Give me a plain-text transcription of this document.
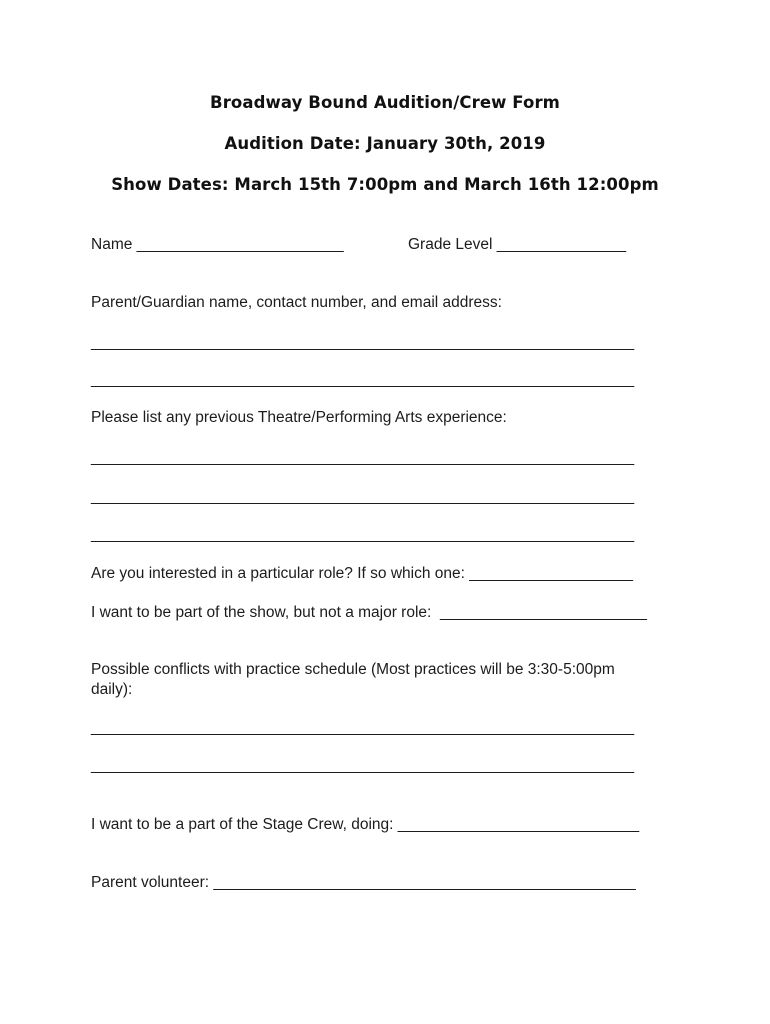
Broadway Bound Audition/Crew Form
Audition Date: January 30th, 2019
Show Dates: March 15th 7:00pm and March 16th 12:00pm
Name ________________________	Grade Level _______________
Parent/Guardian name, contact number, and email address:
_______________________________________________________________
_______________________________________________________________
Please list any previous Theatre/Performing Arts experience:
_______________________________________________________________
_______________________________________________________________
_______________________________________________________________
Are you interested in a particular role? If so which one: ___________________
I want to be part of the show, but not a major role: ________________________
Possible conflicts with practice schedule (Most practices will be 3:30-5:00pm
daily):
_______________________________________________________________
_______________________________________________________________
I want to be a part of the Stage Crew, doing: ____________________________
Parent volunteer: _________________________________________________
